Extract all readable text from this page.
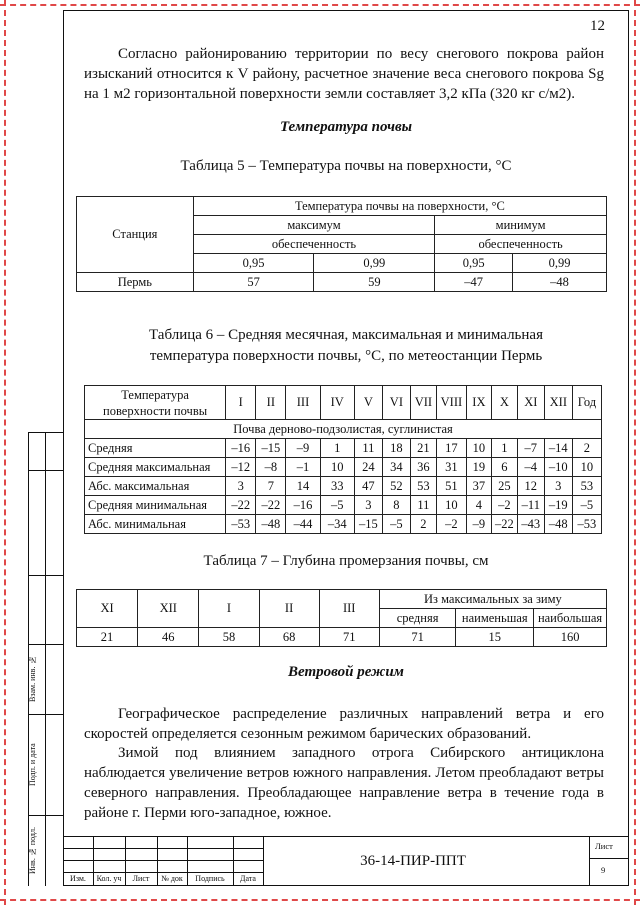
12

Согласно районированию территории по весу снегового покрова район изысканий относится к V району, расчетное значение веса снегового покрова Sg на 1 м2 горизонтальной поверхности земли составляет 3,2 кПа (320 кг с/м2).

Температура почвы
Таблица 5 – Температура почвы на поверхности, °С
Станция	Температура почвы на поверхности, °С			
	максимум		минимум	
	обеспеченность		обеспеченность	
	0,95	0,99	0,95	0,99
Пермь	57	59	–47	–48
Таблица 6 – Средняя месячная, максимальная и минимальная
температура поверхности почвы, °С, по метеостанции Пермь
Температура поверхности почвы	I	II	III	IV	V	VI	VII	VIII	IX	X	XI	XII	Год
Почва дерново-подзолистая, суглинистая													
Средняя	–16	–15	–9	1	11	18	21	17	10	1	–7	–14	2
Средняя максимальная	–12	–8	–1	10	24	34	36	31	19	6	–4	–10	10
Абс. максимальная	3	7	14	33	47	52	53	51	37	25	12	3	53
Средняя минимальная	–22	–22	–16	–5	3	8	11	10	4	–2	–11	–19	–5
Абс. минимальная	–53	–48	–44	–34	–15	–5	2	–2	–9	–22	–43	–48	–53
Таблица 7 – Глубина промерзания почвы, см
XI	XII	I	II	III	Из максимальных за зиму		
					средняя	наименьшая	наибольшая
21	46	58	68	71	71	15	160
Ветровой режим

Географическое распределение различных направлений ветра и его скоростей определяется сезонным режимом барических образований.

Зимой под влиянием западного отрога Сибирского антициклона наблюдается увеличение ветров южного направления. Летом преобладают ветры северного направления. Преобладающее направление ветра в течение года в районе г. Перми юго-западное, южное.

Взам. инв. №
Подп. и дата
Инв. № подл.
Изм.	Кол. уч	Лист	№ док	Подпись	Дата
36-14-ПИР-ППТ
Лист
9
